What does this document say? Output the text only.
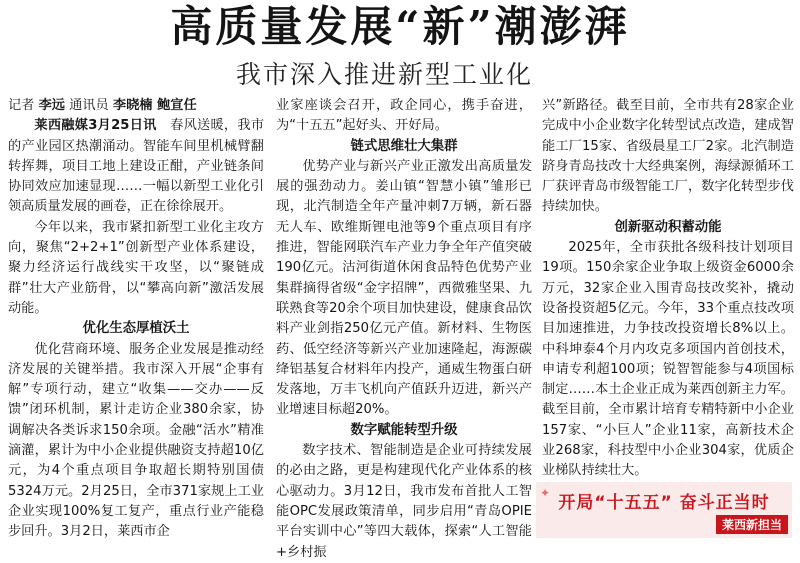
高质量发展“新”潮澎湃
我市深入推进新型工业化

记者 李远 通讯员 李晓楠 鲍宣任

莱西融媒3月25日讯　 春风送暖，我市的产业园区热潮涌动。智能车间里机械臂翻转挥舞，项目工地上建设正酣，产业链条间协同效应加速显现……一幅以新型工业化引领高质量发展的画卷，正在徐徐展开。

今年以来，我市紧扣新型工业化主攻方向，聚焦“2+2+1”创新型产业体系建设，聚力经济运行战线实干攻坚，以“聚链成群”壮大产业筋骨，以“攀高向新”激活发展动能。

优化生态厚植沃土

优化营商环境、服务企业发展是推动经济发展的关键举措。我市深入开展“企事有解”专项行动，建立“收集——交办——反馈”闭环机制，累计走访企业380余家，协调解决各类诉求150余项。金融“活水”精准滴灌，累计为中小企业提供融资支持超10亿元，为4个重点项目争取超长期特别国债5324万元。2月25日，全市371家规上工业企业实现100%复工复产，重点行业产能稳步回升。3月2日，莱西市企

业家座谈会召开，政企同心，携手奋进，为“十五五”起好头、开好局。

链式思维壮大集群

优势产业与新兴产业正激发出高质量发展的强劲动力。姜山镇“智慧小镇”雏形已现，北汽制造全年产量冲刺7万辆，新石器无人车、欧维斯锂电池等9个重点项目有序推进，智能网联汽车产业力争全年产值突破190亿元。沽河街道休闲食品特色优势产业集群摘得省级“金字招牌”，西微雅坚果、九联熟食等20余个项目加快建设，健康食品饮料产业剑指250亿元产值。新材料、生物医药、低空经济等新兴产业加速隆起，海源碳绛铝基复合材料年内投产，通威生物蛋白研发落地，万丰飞机向产值跃升迈进，新兴产业增速目标超20%。

数字赋能转型升级

数字技术、智能制造是企业可持续发展的必由之路，更是构建现代化产业体系的核心驱动力。3月12日，我市发布首批人工智能OPC发展政策清单，同步启用“青岛OPIE平台实训中心”等四大载体，探索“人工智能+乡村振

兴”新路径。截至目前，全市共有28家企业完成中小企业数字化转型试点改造，建成智能工厂15家、省级晨星工厂2家。北汽制造跻身青岛技改十大经典案例，海绿源循环工厂获评青岛市级智能工厂，数字化转型步伐持续加快。

创新驱动积蓄动能

2025年，全市获批各级科技计划项目19项。150余家企业争取上级资金6000余万元，32家企业入围青岛技改奖补，撬动设备投资超5亿元。今年，33个重点技改项目加速推进，力争技改投资增长8%以上。中科坤泰4个月内攻克多项国内首创技术，申请专利超100项；锐智智能参与4项国标制定……本土企业正成为莱西创新主力军。截至目前，全市累计培育专精特新中小企业157家、“小巨人”企业11家，高新技术企业268家，科技型中小企业304家，优质企业梯队持续壮大。

✦ 开局“十五五” 奋斗正当时
莱西新担当
